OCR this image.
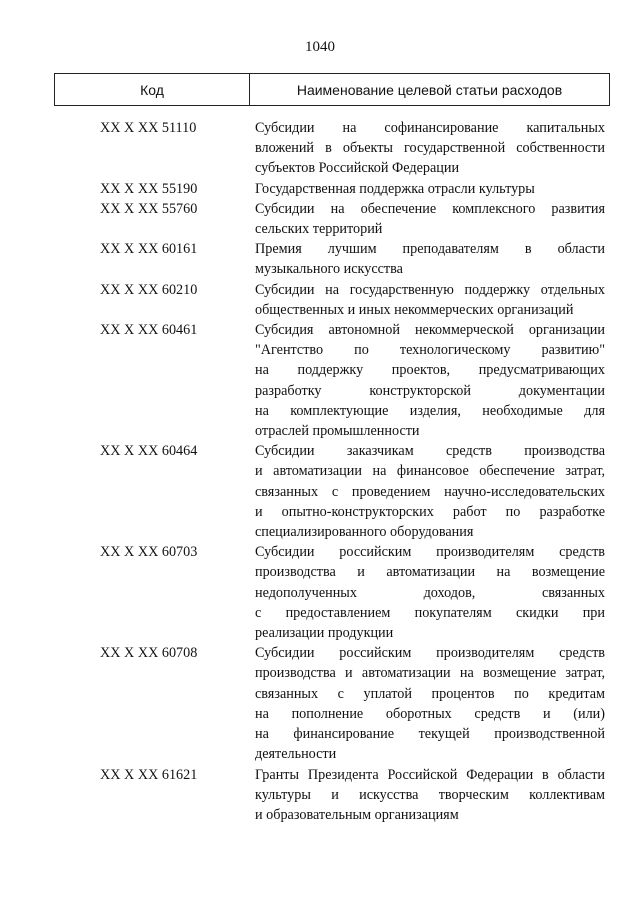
1040
Код	Наименование целевой статьи расходов
XX X XX 51110	Субсидии на софинансирование капитальных
вложений в объекты государственной собственности
субъектов Российской Федерации
XX X XX 55190	Государственная поддержка отрасли культуры
XX X XX 55760	Субсидии на обеспечение комплексного развития
сельских территорий
XX X XX 60161	Премия лучшим преподавателям в области
музыкального искусства
XX X XX 60210	Субсидии на государственную поддержку отдельных
общественных и иных некоммерческих организаций
XX X XX 60461	Субсидия автономной некоммерческой организации
"Агентство по технологическому развитию"
на поддержку проектов, предусматривающих
разработку конструкторской документации
на комплектующие изделия, необходимые для
отраслей промышленности
XX X XX 60464	Субсидии заказчикам средств производства
и автоматизации на финансовое обеспечение затрат,
связанных с проведением научно-исследовательских
и опытно-конструкторских работ по разработке
специализированного оборудования
XX X XX 60703	Субсидии российским производителям средств
производства и автоматизации на возмещение
недополученных доходов, связанных
с предоставлением покупателям скидки при
реализации продукции
XX X XX 60708	Субсидии российским производителям средств
производства и автоматизации на возмещение затрат,
связанных с уплатой процентов по кредитам
на пополнение оборотных средств и (или)
на финансирование текущей производственной
деятельности
XX X XX 61621	Гранты Президента Российской Федерации в области
культуры и искусства творческим коллективам
и образовательным организациям
